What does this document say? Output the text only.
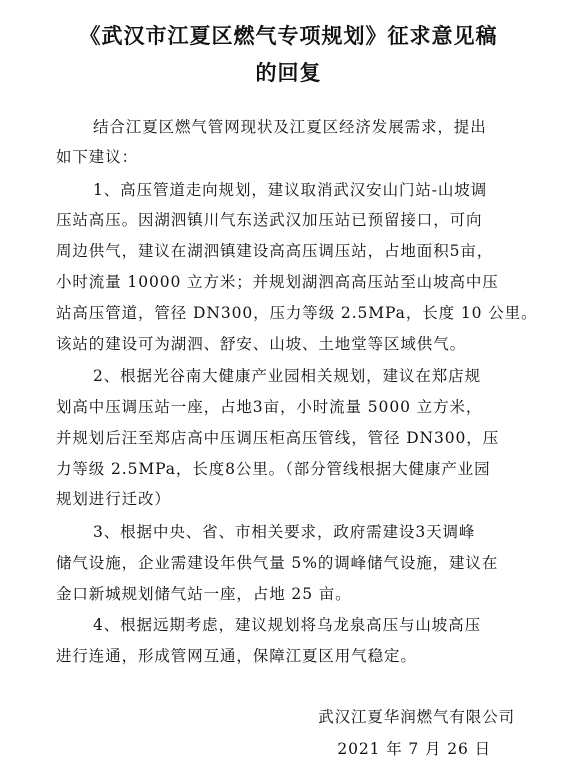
《武汉市江夏区燃气专项规划》征求意见稿
的回复

结合江夏区燃气管网现状及江夏区经济发展需求，提出

如下建议：

1、高压管道走向规划，建议取消武汉安山门站-山坡调

压站高压。因湖泗镇川气东送武汉加压站已预留接口，可向

周边供气，建议在湖泗镇建设高高压调压站，占地面积5亩，

小时流量 10000 立方米；并规划湖泗高高压站至山坡高中压

站高压管道，管径 DN300，压力等级 2.5MPa，长度 10 公里。

该站的建设可为湖泗、舒安、山坡、土地堂等区域供气。

2、根据光谷南大健康产业园相关规划，建议在郑店规

划高中压调压站一座，占地3亩，小时流量 5000 立方米，

并规划后汪至郑店高中压调压柜高压管线，管径 DN300，压

力等级 2.5MPa，长度8公里。（部分管线根据大健康产业园

规划进行迁改）

3、根据中央、省、市相关要求，政府需建设3天调峰

储气设施，企业需建设年供气量 5%的调峰储气设施，建议在

金口新城规划储气站一座，占地 25 亩。

4、根据远期考虑，建议规划将乌龙泉高压与山坡高压

进行连通，形成管网互通，保障江夏区用气稳定。

武汉江夏华润燃气有限公司

2021 年 7 月 26 日
